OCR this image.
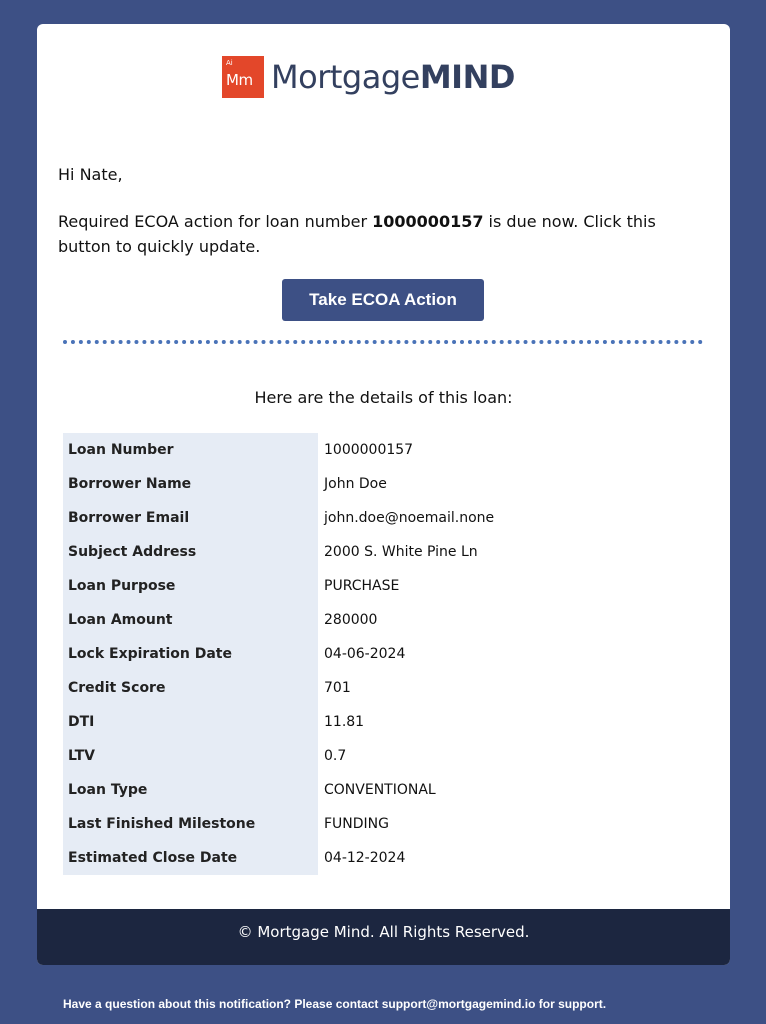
Ai
Mm MortgageMIND
Hi Nate,
Required ECOA action for loan number 1000000157 is due now. Click this button to quickly update.
Take ECOA Action
Here are the details of this loan:
Loan Number	1000000157
Borrower Name	John Doe
Borrower Email	john.doe@noemail.none
Subject Address	2000 S. White Pine Ln
Loan Purpose	PURCHASE
Loan Amount	280000
Lock Expiration Date	04-06-2024
Credit Score	701
DTI	11.81
LTV	0.7
Loan Type	CONVENTIONAL
Last Finished Milestone	FUNDING
Estimated Close Date	04-12-2024
© Mortgage Mind. All Rights Reserved.
Have a question about this notification? Please contact support@mortgagemind.io for support.
